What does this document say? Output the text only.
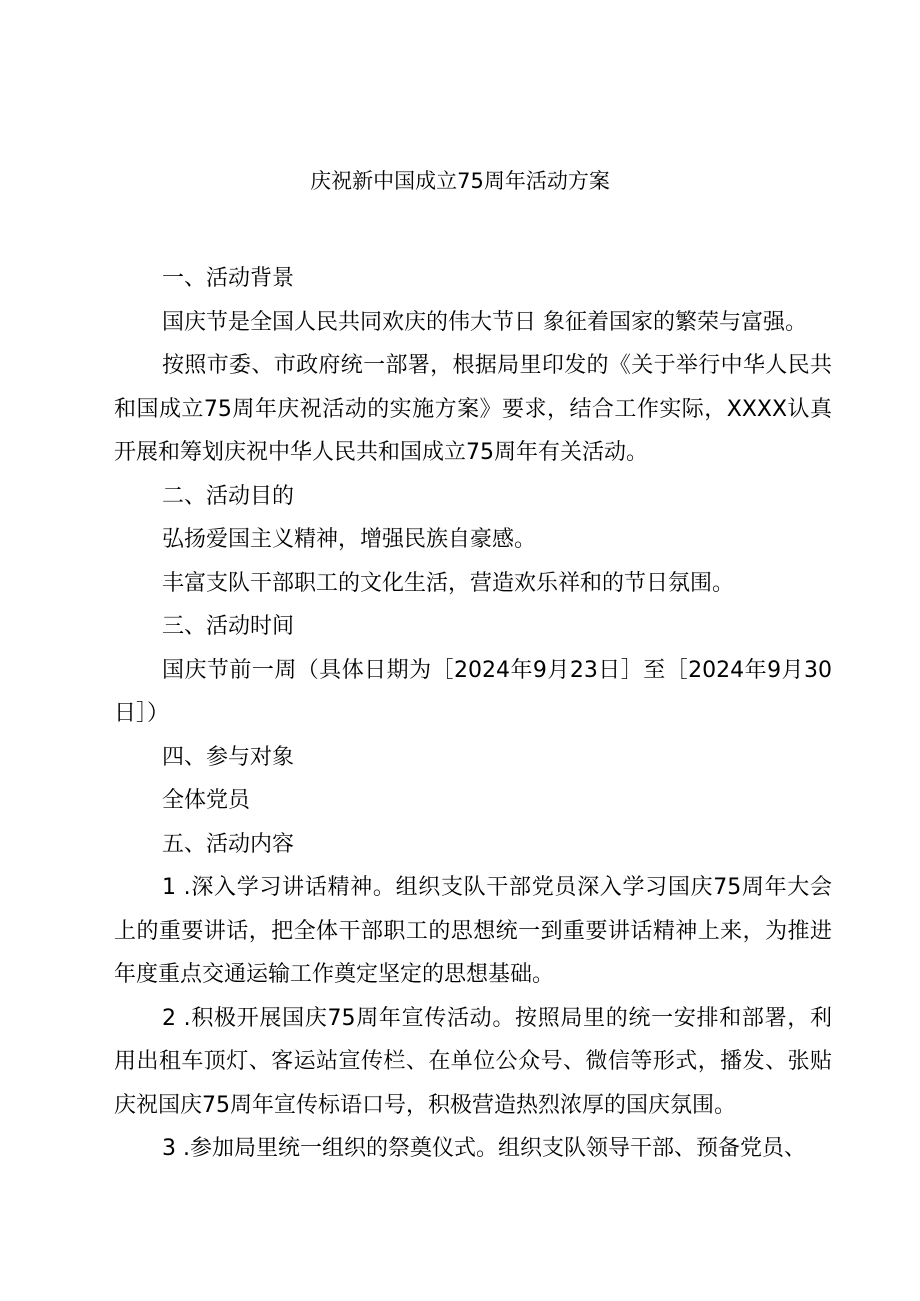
庆祝新中国成立75周年活动方案

一、活动背景

国庆节是全国人民共同欢庆的伟大节日 象征着国家的繁荣与富强。

按照市委、市政府统一部署，根据局里印发的《关于举行中华人民共和国成立75周年庆祝活动的实施方案》要求，结合工作实际，XXXX认真开展和筹划庆祝中华人民共和国成立75周年有关活动。

二、活动目的

弘扬爱国主义精神，增强民族自豪感。

丰富支队干部职工的文化生活，营造欢乐祥和的节日氛围。

三、活动时间

国庆节前一周（具体日期为［2024年9月23日］至［2024年9月30日］）

四、参与对象

全体党员

五、活动内容

1 .深入学习讲话精神。组织支队干部党员深入学习国庆75周年大会上的重要讲话，把全体干部职工的思想统一到重要讲话精神上来，为推进年度重点交通运输工作奠定坚定的思想基础。

2 .积极开展国庆75周年宣传活动。按照局里的统一安排和部署，利用出租车顶灯、客运站宣传栏、在单位公众号、微信等形式，播发、张贴庆祝国庆75周年宣传标语口号，积极营造热烈浓厚的国庆氛围。

3 .参加局里统一组织的祭奠仪式。组织支队领导干部、预备党员、
